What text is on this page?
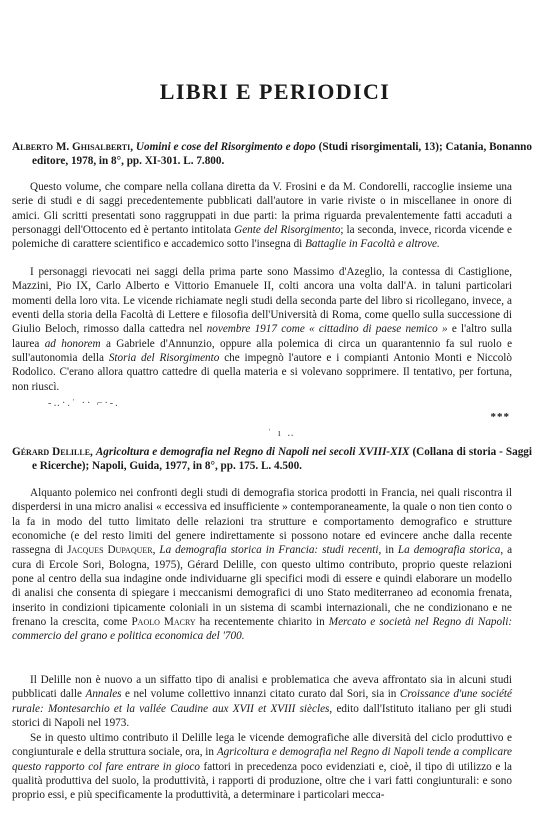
LIBRI E PERIODICI

Alberto M. Ghisalberti, Uomini e cose del Risorgimento e dopo (Studi risorgimentali, 13); Catania, Bonanno editore, 1978, in 8°, pp. XI-301. L. 7.800.

Questo volume, che compare nella collana diretta da V. Frosini e da M. Condorelli, raccoglie insieme una serie di studi e di saggi precedentemente pubblicati dall'autore in varie riviste o in miscellanee in onore di amici. Gli scritti presentati sono raggruppati in due parti: la prima riguarda prevalentemente fatti accaduti a personaggi dell'Ottocento ed è pertanto intitolata Gente del Risorgimento; la seconda, invece, ricorda vicende e polemiche di carattere scientifico e accademico sotto l'insegna di Battaglie in Facoltà e altrove.

I personaggi rievocati nei saggi della prima parte sono Massimo d'Azeglio, la contessa di Castiglione, Mazzini, Pio IX, Carlo Alberto e Vittorio Emanuele II, colti ancora una volta dall'A. in taluni particolari momenti della loro vita. Le vicende richiamate negli studi della seconda parte del libro si ricollegano, invece, a eventi della storia della Facoltà di Lettere e filosofia dell'Università di Roma, come quello sulla successione di Giulio Beloch, rimosso dalla cattedra nel novembre 1917 come « cittadino di paese nemico » e l'altro sulla laurea ad honorem a Gabriele d'Annunzio, oppure alla polemica di circa un quarantennio fa sul ruolo e sull'autonomia della Storia del Risorgimento che impegnò l'autore e i compianti Antonio Monti e Niccolò Rodolico. C'erano allora quattro cattedre di quella materia e si volevano sopprimere. Il tentativo, per fortuna, non riuscì.

-‥·.ˈ ·· ⌐·-.
***
ˈ ı ‥

Gérard Delille, Agricoltura e demografia nel Regno di Napoli nei secoli XVIII-XIX (Collana di storia - Saggi e Ricerche); Napoli, Guida, 1977, in 8°, pp. 175. L. 4.500.

Alquanto polemico nei confronti degli studi di demografia storica prodotti in Francia, nei quali riscontra il disperdersi in una micro analisi « eccessiva ed insufficiente » contemporaneamente, la quale o non tien conto o la fa in modo del tutto limitato delle relazioni tra strutture e comportamento demografico e strutture economiche (e del resto limiti del genere indirettamente si possono notare ed evincere anche dalla recente rassegna di Jacques Dupaquer, La demografia storica in Francia: studi recenti, in La demografia storica, a cura di Ercole Sori, Bologna, 1975), Gérard Delille, con questo ultimo contributo, proprio queste relazioni pone al centro della sua indagine onde individuarne gli specifici modi di essere e quindi elaborare un modello di analisi che consenta di spiegare i meccanismi demografici di uno Stato mediterraneo ad economia frenata, inserito in condizioni tipicamente coloniali in un sistema di scambi internazionali, che ne condizionano e ne frenano la crescita, come Paolo Macry ha recentemente chiarito in Mercato e società nel Regno di Napoli: commercio del grano e politica economica del '700.

Il Delille non è nuovo a un siffatto tipo di analisi e problematica che aveva affrontato sia in alcuni studi pubblicati dalle Annales e nel volume collettivo innanzi citato curato dal Sori, sia in Croissance d'une société rurale: Montesarchio et la vallée Caudine aux XVII et XVIII siècles, edito dall'Istituto italiano per gli studi storici di Napoli nel 1973.

Se in questo ultimo contributo il Delille lega le vicende demografiche alle diversità del ciclo produttivo e congiunturale e della struttura sociale, ora, in Agricoltura e demografia nel Regno di Napoli tende a complicare questo rapporto col fare entrare in gioco fattori in precedenza poco evidenziati e, cioè, il tipo di utilizzo e la qualità produttiva del suolo, la produttività, i rapporti di produzione, oltre che i vari fatti congiunturali: e sono proprio essi, e più specificamente la produttività, a determinare i particolari mecca-
